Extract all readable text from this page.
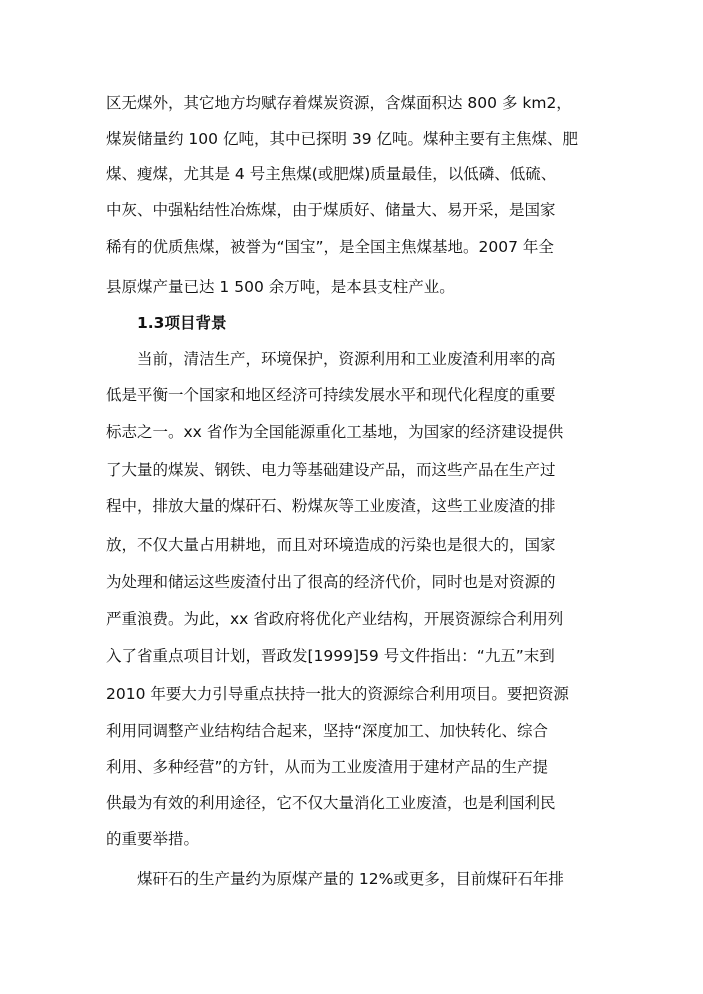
区无煤外，其它地方均赋存着煤炭资源，含煤面积达 800 多 km2，
煤炭储量约 100 亿吨，其中已探明 39 亿吨。煤种主要有主焦煤、肥
煤、瘦煤，尤其是 4 号主焦煤(或肥煤)质量最佳，以低磷、低硫、
中灰、中强粘结性冶炼煤，由于煤质好、储量大、易开采，是国家
稀有的优质焦煤，被誉为“国宝”，是全国主焦煤基地。2007 年全
县原煤产量已达 1 500 余万吨，是本县支柱产业。
1.3项目背景
当前，清洁生产，环境保护，资源利用和工业废渣利用率的高
低是平衡一个国家和地区经济可持续发展水平和现代化程度的重要
标志之一。xx 省作为全国能源重化工基地，为国家的经济建设提供
了大量的煤炭、钢铁、电力等基础建设产品，而这些产品在生产过
程中，排放大量的煤矸石、粉煤灰等工业废渣，这些工业废渣的排
放，不仅大量占用耕地，而且对环境造成的污染也是很大的，国家
为处理和储运这些废渣付出了很高的经济代价，同时也是对资源的
严重浪费。为此，xx 省政府将优化产业结构，开展资源综合利用列
入了省重点项目计划，晋政发[1999]59 号文件指出：“九五”末到
2010 年要大力引导重点扶持一批大的资源综合利用项目。要把资源
利用同调整产业结构结合起来，坚持“深度加工、加快转化、综合
利用、多种经营”的方针，从而为工业废渣用于建材产品的生产提
供最为有效的利用途径，它不仅大量消化工业废渣，也是利国利民
的重要举措。
煤矸石的生产量约为原煤产量的 12%或更多，目前煤矸石年排
